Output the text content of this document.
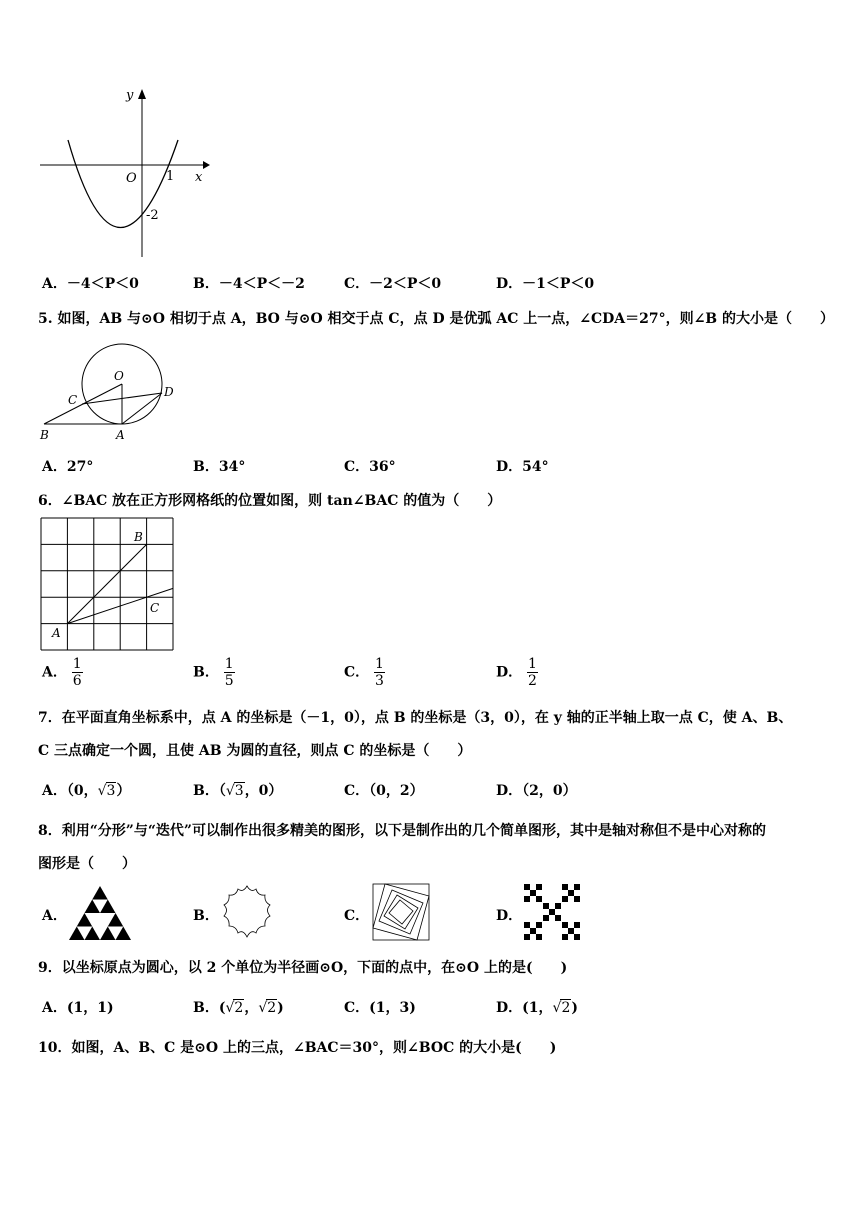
y
x
O 1
-2
A．－4＜P＜0	B．－4＜P＜－2	C．－2＜P＜0	D．－1＜P＜0
5. 如图，AB 与⊙O 相切于点 A，BO 与⊙O 相交于点 C，点 D 是优弧 AC 上一点，∠CDA＝27°，则∠B 的大小是（　　）
O
C
D
B	A
A．27°	B．34°	C．36°	D．54°
6．∠BAC 放在正方形网格纸的位置如图，则 tan∠BAC 的值为（　　）
B
C
A
A． $\frac{1}{6}$	B． $\frac{1}{5}$	C． $\frac{1}{3}$	D． $\frac{1}{2}$
7．在平面直角坐标系中，点 A 的坐标是（－1，0），点 B 的坐标是（3，0），在 y 轴的正半轴上取一点 C，使 A、B、
C 三点确定一个圆，且使 AB 为圆的直径，则点 C 的坐标是（　　）
A．（0，√3）	B．（√3，0）	C．（0，2）	D．（2，0）
8．利用“分形”与“迭代”可以制作出很多精美的图形，以下是制作出的几个简单图形，其中是轴对称但不是中心对称的
图形是（　　）
A．	B．	C．	D．
9．以坐标原点为圆心，以 2 个单位为半径画⊙O，下面的点中，在⊙O 上的是(　　)
A．(1，1)	B．(√2，√2)	C．(1，3)	D．(1，√2)
10．如图，A、B、C 是⊙O 上的三点，∠BAC＝30°，则∠BOC 的大小是(　　)
